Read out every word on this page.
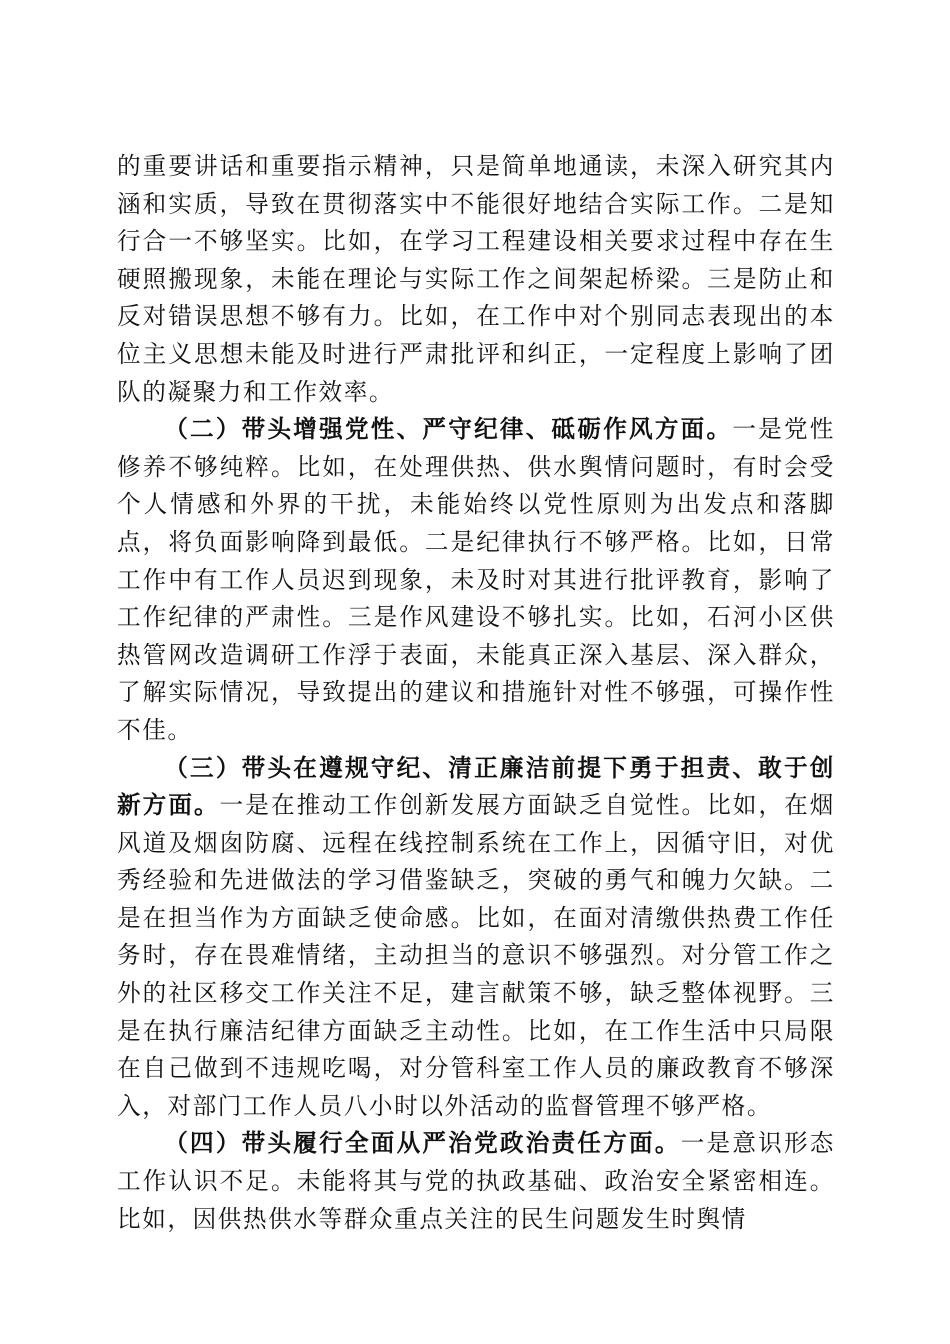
的重要讲话和重要指示精神，只是简单地通读，未深入研究其内涵和实质，导致在贯彻落实中不能很好地结合实际工作。二是知行合一不够坚实。比如，在学习工程建设相关要求过程中存在生硬照搬现象，未能在理论与实际工作之间架起桥梁。三是防止和反对错误思想不够有力。比如，在工作中对个别同志表现出的本位主义思想未能及时进行严肃批评和纠正，一定程度上影响了团队的凝聚力和工作效率。

（二）带头增强党性、严守纪律、砥砺作风方面。一是党性修养不够纯粹。比如，在处理供热、供水舆情问题时，有时会受个人情感和外界的干扰，未能始终以党性原则为出发点和落脚点，将负面影响降到最低。二是纪律执行不够严格。比如，日常工作中有工作人员迟到现象，未及时对其进行批评教育，影响了工作纪律的严肃性。三是作风建设不够扎实。比如，石河小区供热管网改造调研工作浮于表面，未能真正深入基层、深入群众，了解实际情况，导致提出的建议和措施针对性不够强，可操作性不佳。

（三）带头在遵规守纪、清正廉洁前提下勇于担责、敢于创新方面。一是在推动工作创新发展方面缺乏自觉性。比如，在烟风道及烟囱防腐、远程在线控制系统在工作上，因循守旧，对优秀经验和先进做法的学习借鉴缺乏，突破的勇气和魄力欠缺。二是在担当作为方面缺乏使命感。比如，在面对清缴供热费工作任务时，存在畏难情绪，主动担当的意识不够强烈。对分管工作之外的社区移交工作关注不足，建言献策不够，缺乏整体视野。三是在执行廉洁纪律方面缺乏主动性。比如，在工作生活中只局限在自己做到不违规吃喝，对分管科室工作人员的廉政教育不够深入，对部门工作人员八小时以外活动的监督管理不够严格。

（四）带头履行全面从严治党政治责任方面。一是意识形态工作认识不足。未能将其与党的执政基础、政治安全紧密相连。比如，因供热供水等群众重点关注的民生问题发生时舆情
